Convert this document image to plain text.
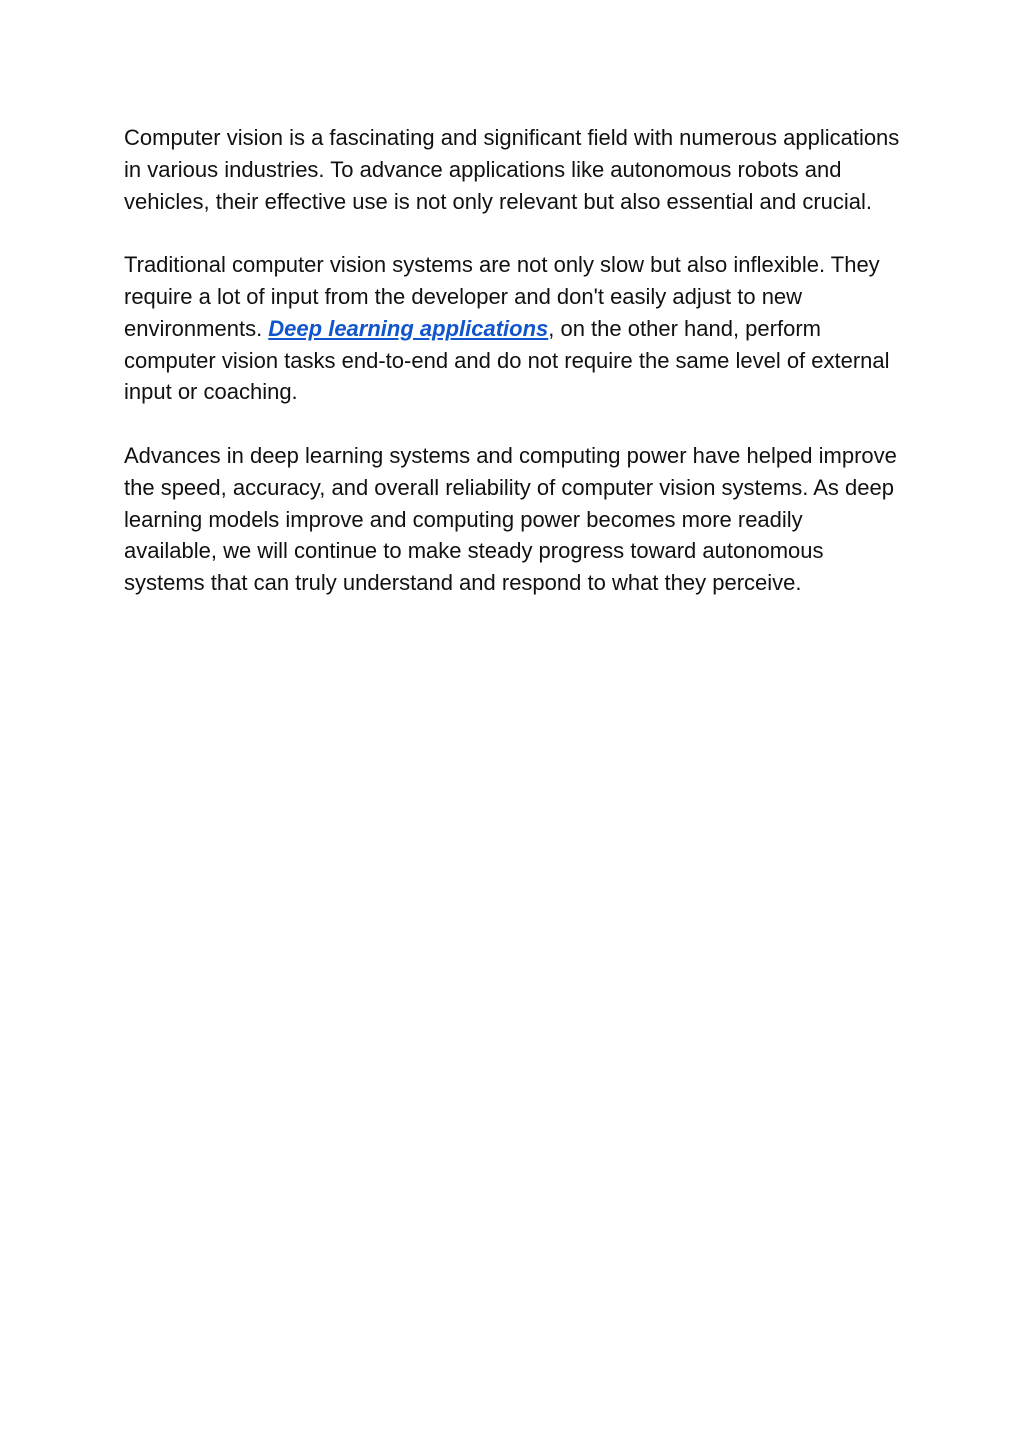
Computer vision is a fascinating and significant field with numerous applications in various industries. To advance applications like autonomous robots and vehicles, their effective use is not only relevant but also essential and crucial.

Traditional computer vision systems are not only slow but also inflexible. They require a lot of input from the developer and don't easily adjust to new environments. Deep learning applications, on the other hand, perform computer vision tasks end-to-end and do not require the same level of external input or coaching.

Advances in deep learning systems and computing power have helped improve the speed, accuracy, and overall reliability of computer vision systems. As deep learning models improve and computing power becomes more readily available, we will continue to make steady progress toward autonomous systems that can truly understand and respond to what they perceive.
